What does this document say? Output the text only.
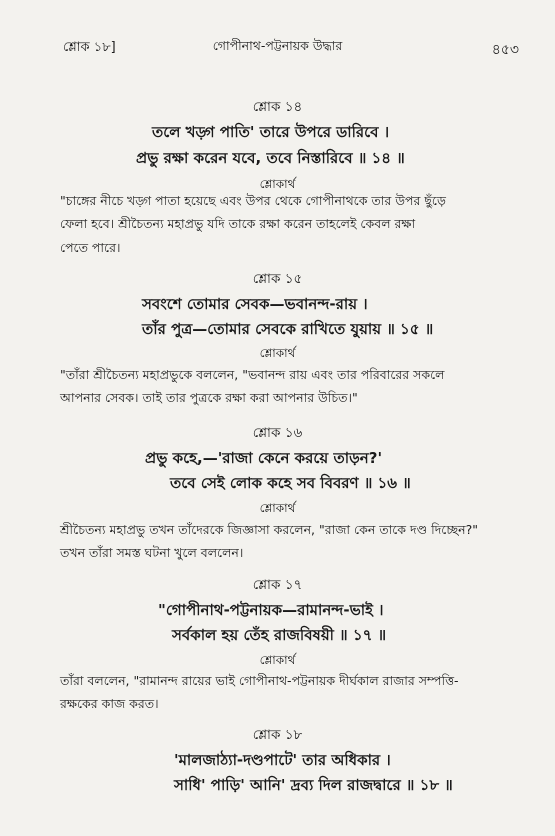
শ্লোক ১৮]	গোপীনাথ-পট্টনায়ক উদ্ধার	৪৫৩
শ্লোক ১৪
তলে খড়্গ পাতি' তারে উপরে ডারিবে ।
প্রভু রক্ষা করেন যবে, তবে নিস্তারিবে ॥ ১৪ ॥
শ্লোকার্থ
"চাঙ্গের নীচে খড়্গ পাতা হয়েছে এবং উপর থেকে গোপীনাথকে তার উপর ছুঁড়ে
ফেলা হবে। শ্রীচৈতন্য মহাপ্রভু যদি তাকে রক্ষা করেন তাহলেই কেবল রক্ষা
পেতে পারে।
শ্লোক ১৫
সবংশে তোমার সেবক—ভবানন্দ-রায় ।
তাঁর পুত্র—তোমার সেবকে রাখিতে যুয়ায় ॥ ১৫ ॥
শ্লোকার্থ
"তাঁরা শ্রীচৈতন্য মহাপ্রভুকে বললেন, "ভবানন্দ রায় এবং তার পরিবারের সকলে
আপনার সেবক। তাই তার পুত্রকে রক্ষা করা আপনার উচিত।"
শ্লোক ১৬
প্রভু কহে,—'রাজা কেনে করয়ে তাড়ন?'
তবে সেই লোক কহে সব বিবরণ ॥ ১৬ ॥
শ্লোকার্থ
শ্রীচৈতন্য মহাপ্রভু তখন তাঁদেরকে জিজ্ঞাসা করলেন, "রাজা কেন তাকে দণ্ড দিচ্ছেন?"
তখন তাঁরা সমস্ত ঘটনা খুলে বললেন।
শ্লোক ১৭
"গোপীনাথ-পট্টনায়ক—রামানন্দ-ভাই ।
সর্বকাল হয় তেঁহ রাজবিষয়ী ॥ ১৭ ॥
শ্লোকার্থ
তাঁরা বললেন, "রামানন্দ রায়ের ভাই গোপীনাথ-পট্টনায়ক দীর্ঘকাল রাজার সম্পত্তি-
রক্ষকের কাজ করত।
শ্লোক ১৮
'মালজাঠ্যা-দণ্ডপাটে' তার অধিকার ।
সাধি' পাড়ি' আনি' দ্রব্য দিল রাজদ্বারে ॥ ১৮ ॥
